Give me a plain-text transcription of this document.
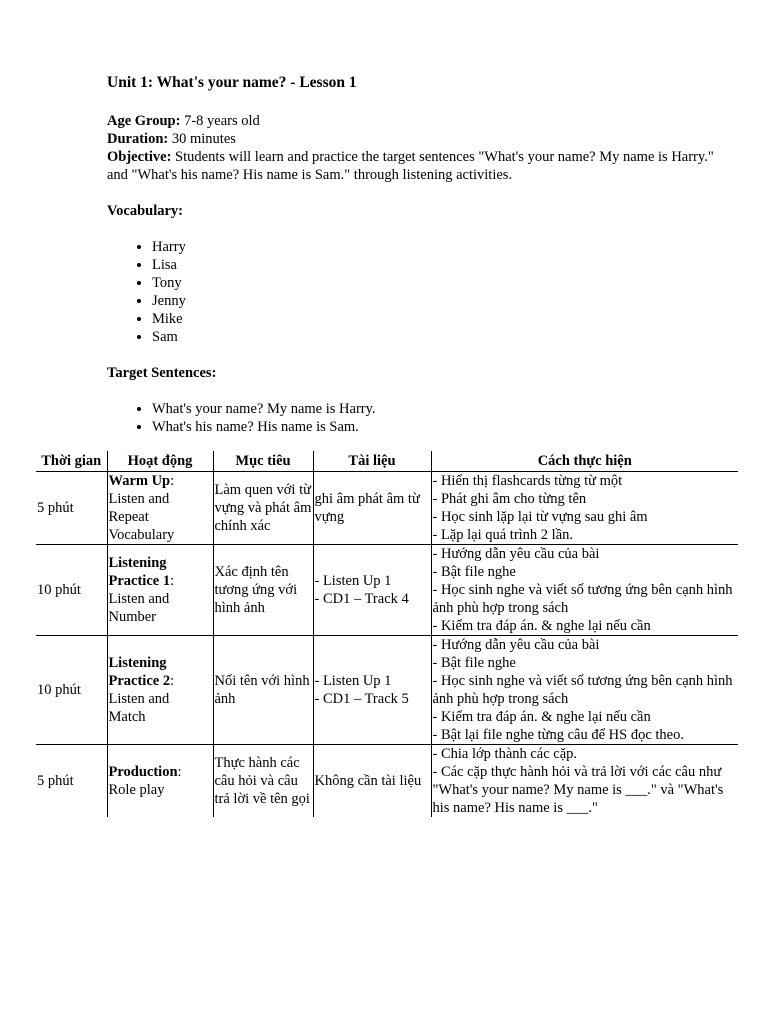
Unit 1: What's your name? - Lesson 1

Age Group: 7-8 years old

Duration: 30 minutes

Objective: Students will learn and practice the target sentences "What's your name? My name is Harry." and "What's his name? His name is Sam." through listening activities.

Vocabulary:

• Harry
• Lisa
• Tony
• Jenny
• Mike
• Sam

Target Sentences:

• What's your name? My name is Harry.
• What's his name? His name is Sam.
Thời gian	Hoạt động	Mục tiêu	Tài liệu	Cách thực hiện

5 phút	Warm Up:
Listen and
Repeat
Vocabulary	Làm quen với từ vựng và phát âm chính xác	ghi âm phát âm từ vựng	- Hiển thị flashcards từng từ một
- Phát ghi âm cho từng tên
- Học sinh lặp lại từ vựng sau ghi âm
- Lặp lại quá trình 2 lần.

10 phút	Listening Practice 1:
Listen and
Number	Xác định tên tương ứng với hình ảnh	- Listen Up 1
- CD1 – Track 4	- Hướng dẫn yêu cầu của bài
- Bật file nghe
- Học sinh nghe và viết số tương ứng bên cạnh hình ảnh phù hợp trong sách
- Kiểm tra đáp án. & nghe lại nếu cần

10 phút	Listening Practice 2:
Listen and
Match	Nối tên với hình ảnh	- Listen Up 1
- CD1 – Track 5	- Hướng dẫn yêu cầu của bài
- Bật file nghe
- Học sinh nghe và viết số tương ứng bên cạnh hình ảnh phù hợp trong sách
- Kiểm tra đáp án. & nghe lại nếu cần
- Bật lại file nghe từng câu để HS đọc theo.

5 phút	Production:
Role play	Thực hành các câu hỏi và câu trả lời về tên gọi	Không cần tài liệu	- Chia lớp thành các cặp.
- Các cặp thực hành hỏi và trả lời với các câu như "What's your name? My name is ___." và "What's his name? His name is ___."
